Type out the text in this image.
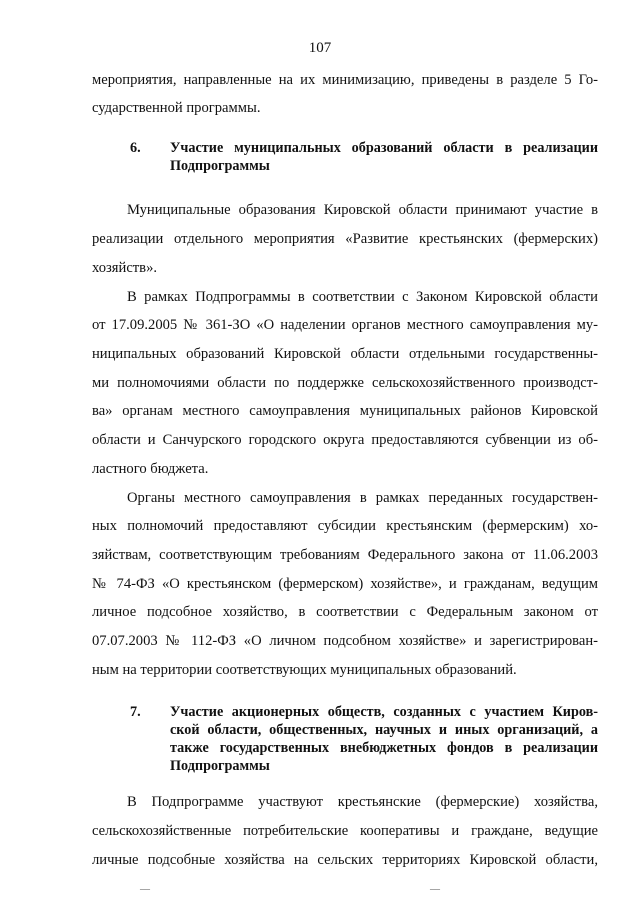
107
мероприятия, направленные на их минимизацию, приведены в разделе 5 Го-
сударственной программы.
6. Участие муниципальных образований области в реализации
Подпрограммы
Муниципальные образования Кировской области принимают участие в
реализации отдельного мероприятия «Развитие крестьянских (фермерских)
хозяйств».
В рамках Подпрограммы в соответствии с Законом Кировской области
от 17.09.2005 № 361-ЗО «О наделении органов местного самоуправления му-
ниципальных образований Кировской области отдельными государственны-
ми полномочиями области по поддержке сельскохозяйственного производст-
ва» органам местного самоуправления муниципальных районов Кировской
области и Санчурского городского округа предоставляются субвенции из об-
ластного бюджета.
Органы местного самоуправления в рамках переданных государствен-
ных полномочий предоставляют субсидии крестьянским (фермерским) хо-
зяйствам, соответствующим требованиям Федерального закона от 11.06.2003
№ 74-ФЗ «О крестьянском (фермерском) хозяйстве», и гражданам, ведущим
личное подсобное хозяйство, в соответствии с Федеральным законом от
07.07.2003 № 112-ФЗ «О личном подсобном хозяйстве» и зарегистрирован-
ным на территории соответствующих муниципальных образований.
7. Участие акционерных обществ, созданных с участием Киров-
ской области, общественных, научных и иных организаций, а
также государственных внебюджетных фондов в реализации
Подпрограммы
В Подпрограмме участвуют крестьянские (фермерские) хозяйства,
сельскохозяйственные потребительские кооперативы и граждане, ведущие
личные подсобные хозяйства на сельских территориях Кировской области,
‒‒	‒‒
